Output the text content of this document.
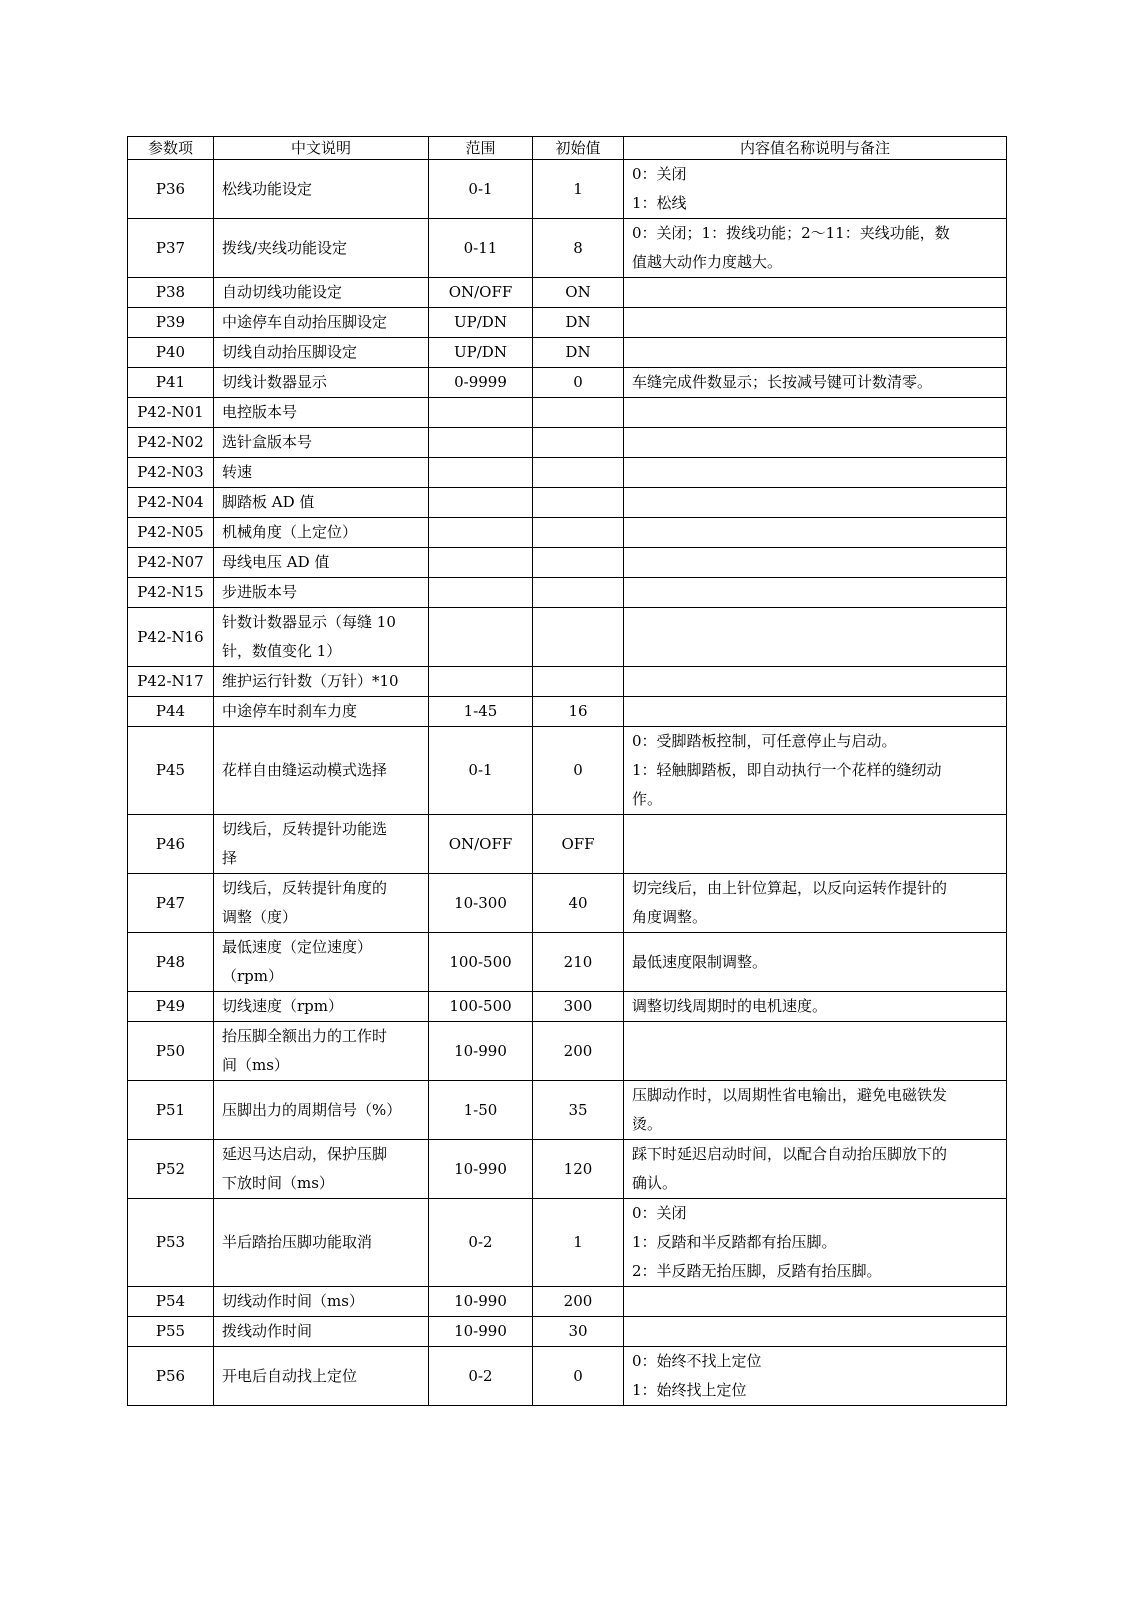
参数项	中文说明	范围	初始值	内容值名称说明与备注
P36	松线功能设定	0-1	1	0：关闭
1：松线

P37	拨线/夹线功能设定	0-11	8	0：关闭；1：拨线功能；2～11：夹线功能，数
值越大动作力度越大。

P38	自动切线功能设定	ON/OFF	ON	
P39	中途停车自动抬压脚设定	UP/DN	DN	
P40	切线自动抬压脚设定	UP/DN	DN	
P41	切线计数器显示	0-9999	0	车缝完成件数显示；长按减号键可计数清零。

P42-N01	电控版本号			

P42-N02	选针盒版本号			

P42-N03	转速			

P42-N04	脚踏板 AD 值			

P42-N05	机械角度（上定位）			

P42-N07	母线电压 AD 值			

P42-N15	步进版本号			

P42-N16	针数计数器显示（每缝 10
针，数值变化 1）			

P42-N17	维护运行针数（万针）*10			

P44	中途停车时刹车力度	1-45	16	
P45	花样自由缝运动模式选择	0-1	0	0：受脚踏板控制，可任意停止与启动。
1：轻触脚踏板，即自动执行一个花样的缝纫动
作。

P46	切线后，反转提针功能选
择	ON/OFF	OFF	
P47	切线后，反转提针角度的
调整（度）	10-300	40	切完线后，由上针位算起，以反向运转作提针的
角度调整。

P48	最低速度（定位速度）
（rpm）	100-500	210	最低速度限制调整。

P49	切线速度（rpm）	100-500	300	调整切线周期时的电机速度。

P50	抬压脚全额出力的工作时
间（ms）	10-990	200	
P51	压脚出力的周期信号（%）	1-50	35	压脚动作时，以周期性省电输出，避免电磁铁发
烫。

P52	延迟马达启动，保护压脚
下放时间（ms）	10-990	120	踩下时延迟启动时间，以配合自动抬压脚放下的
确认。

P53	半后踏抬压脚功能取消	0-2	1	0：关闭
1：反踏和半反踏都有抬压脚。
2：半反踏无抬压脚，反踏有抬压脚。

P54	切线动作时间（ms）	10-990	200	
P55	拨线动作时间	10-990	30	
P56	开电后自动找上定位	0-2	0	0：始终不找上定位
1：始终找上定位
